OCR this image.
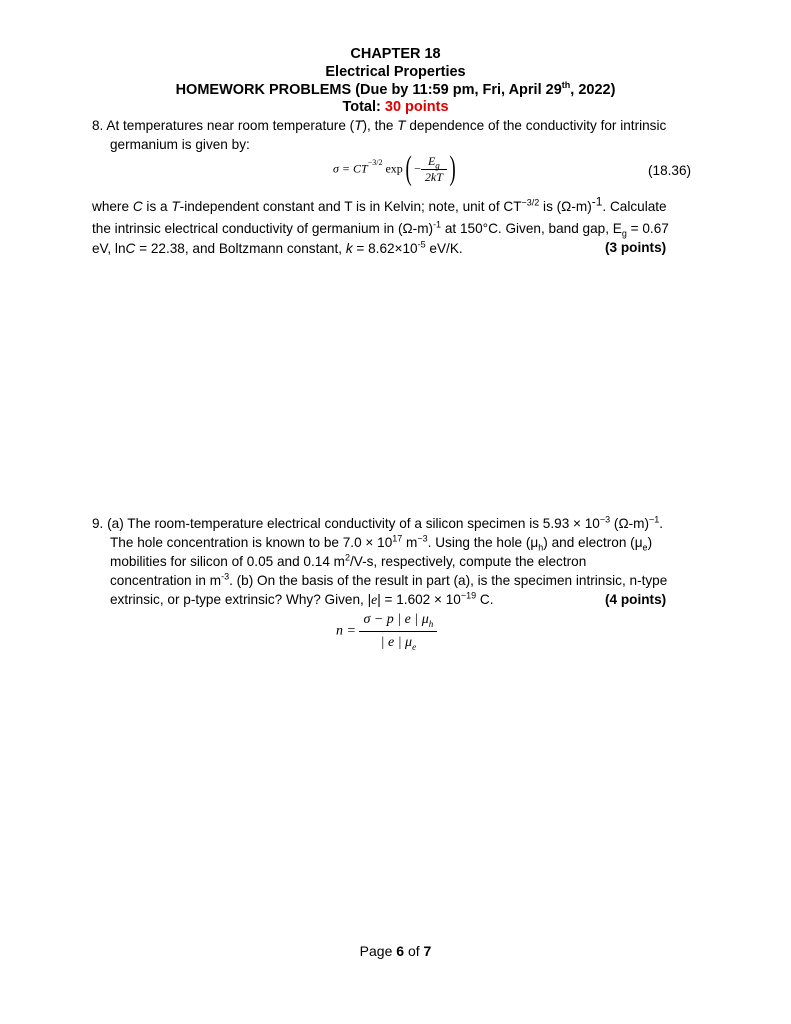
CHAPTER 18
Electrical Properties
HOMEWORK PROBLEMS (Due by 11:59 pm, Fri, April 29th, 2022)
Total: 30 points
8. At temperatures near room temperature (T), the T dependence of the conductivity for intrinsic
germanium is given by:
$\sigma = CT^{-3/2}$ $\exp( - \frac{E_g}{2kT}$ )	(18.36)
where C is a T-independent constant and T is in Kelvin; note, unit of $CT^{-3/2}$ is $(\Omega-m)^{-1}$. Calculate
the intrinsic electrical conductivity of germanium in $(\Omega-m)^{-1}$ at 150°C. Given, band gap, $E_g = 0.67$
eV, lnC = 22.38, and Boltzmann constant, $k = 8.62\times 10^{-5}$ eV/K.	(3 points)
9. (a) The room-temperature electrical conductivity of a silicon specimen is $5.93 \times 10^{-3}$ $(\Omega-m)^{-1}$.
The hole concentration is known to be $7.0 \times 10^{17}$ $m^{-3}$. Using the hole $(\mu_h)$ and electron $(\mu_e)$
mobilities for silicon of 0.05 and 0.14 $m^2/V-s$, respectively, compute the electron
concentration in $m^{-3}$. (b) On the basis of the result in part (a), is the specimen intrinsic, n-type
extrinsic, or p-type extrinsic? Why? Given, $|e| = 1.602 \times 10^{-19}$ C.	(4 points)
$n = \frac{\sigma - p | e | \mu_h}{| e | \mu_e}$
Page 6 of 7
